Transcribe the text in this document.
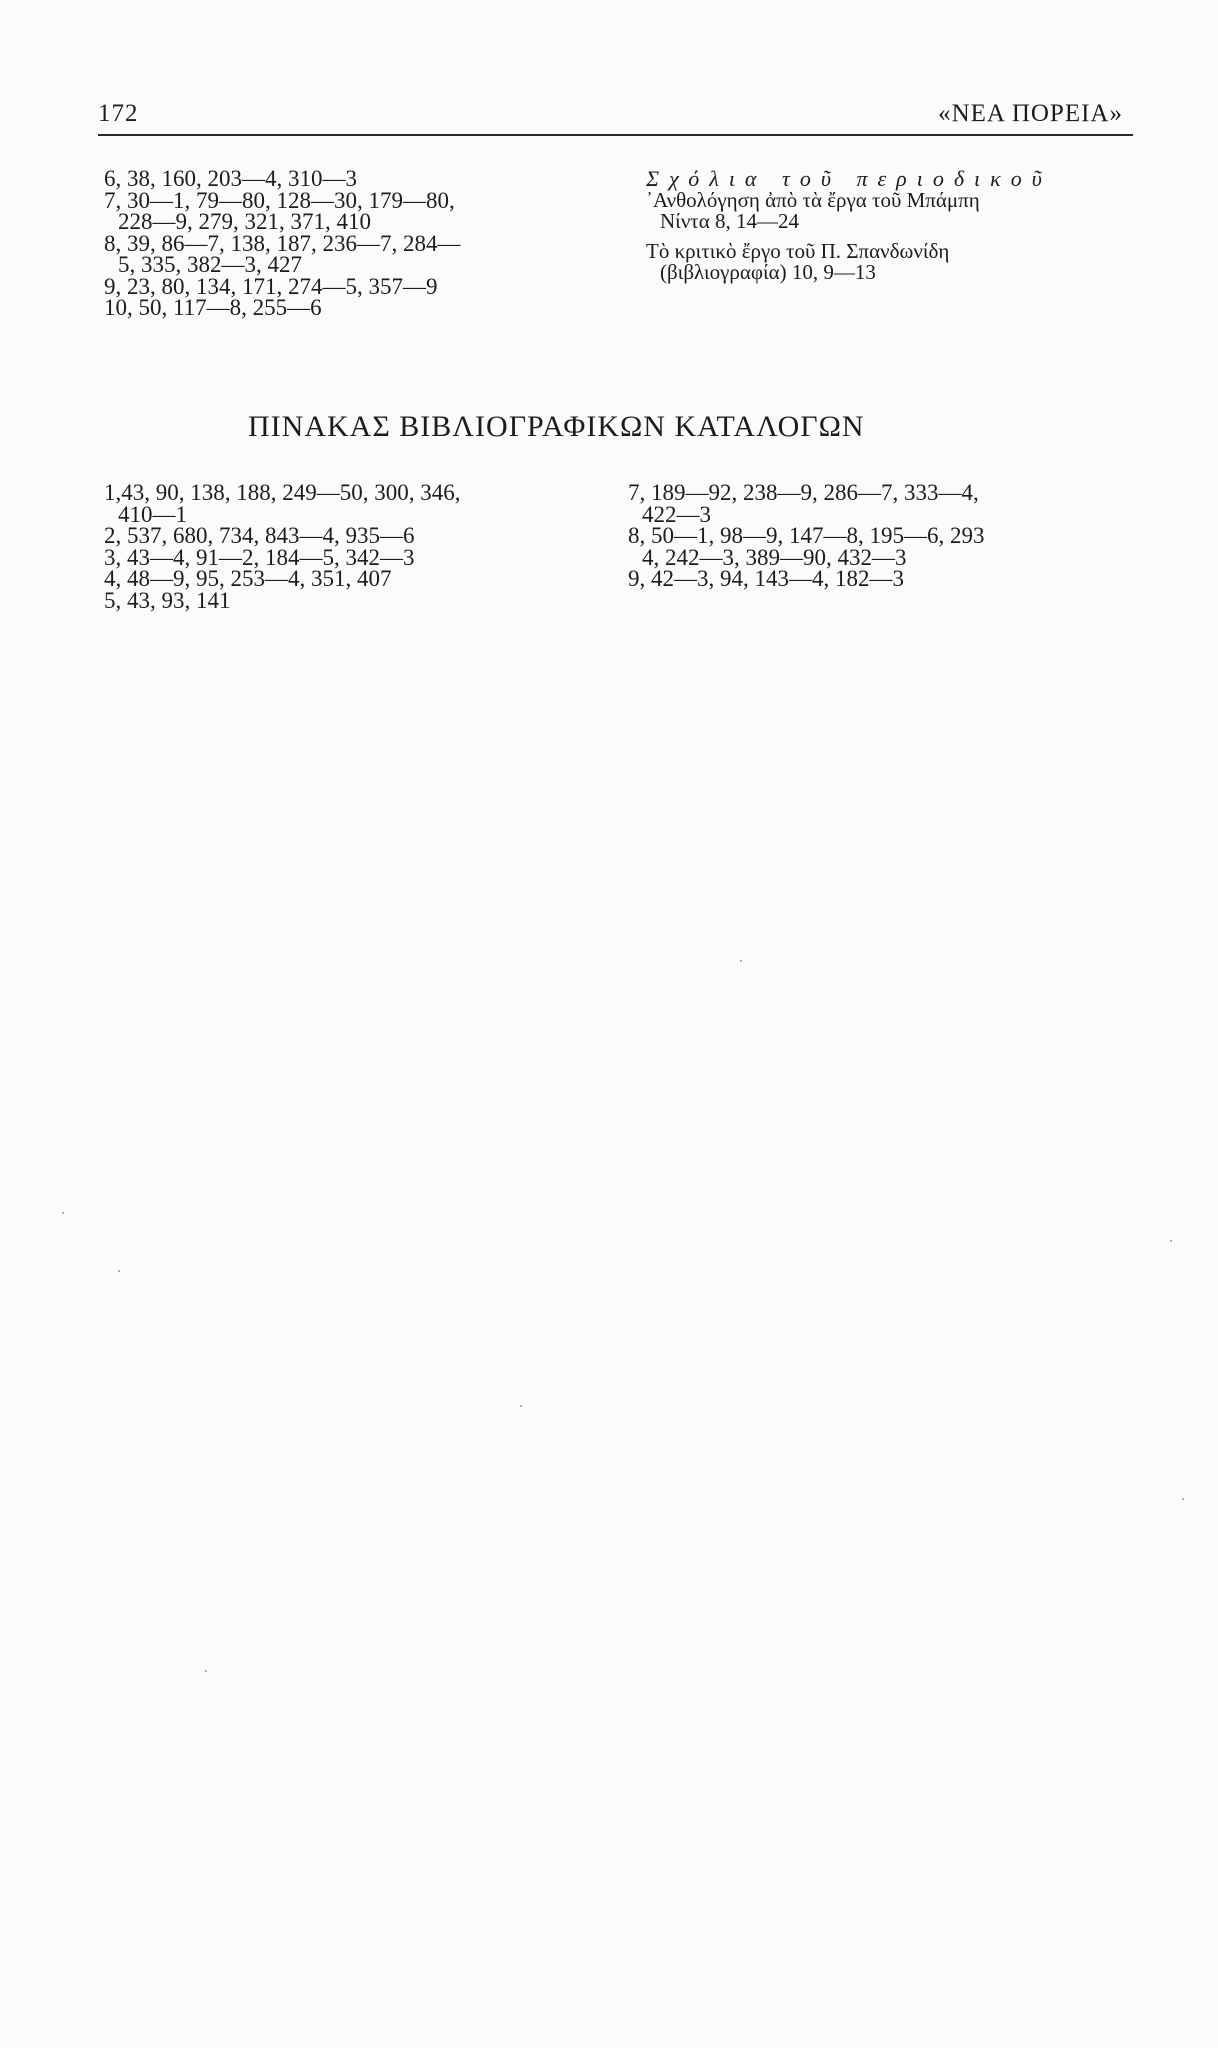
172	«ΝΕΑ ΠΟΡΕΙΑ»
6, 38, 160, 203—4, 310—3
7, 30—1, 79—80, 128—30, 179—80,
228—9, 279, 321, 371, 410
8, 39, 86—7, 138, 187, 236—7, 284—
5, 335, 382—3, 427
9, 23, 80, 134, 171, 274—5, 357—9
10, 50, 117—8, 255—6
Σχόλια τοῦ περιοδικοῦ
᾿Ανθολόγηση ἀπὸ τὰ ἔργα τοῦ Μπάμπη
Νίντα 8, 14—24
Τὸ κριτικὸ ἔργο τοῦ Π. Σπανδωνίδη
(βιβλιογραφία) 10, 9—13
ΠΙΝΑΚΑΣ ΒΙΒΛΙΟΓΡΑΦΙΚΩΝ ΚΑΤΑΛΟΓΩΝ
1,43, 90, 138, 188, 249—50, 300, 346,
410—1
2, 537, 680, 734, 843—4, 935—6
3, 43—4, 91—2, 184—5, 342—3
4, 48—9, 95, 253—4, 351, 407
5, 43, 93, 141
7, 189—92, 238—9, 286—7, 333—4,
422—3
8, 50—1, 98—9, 147—8, 195—6, 293
4, 242—3, 389—90, 432—3
9, 42—3, 94, 143—4, 182—3
